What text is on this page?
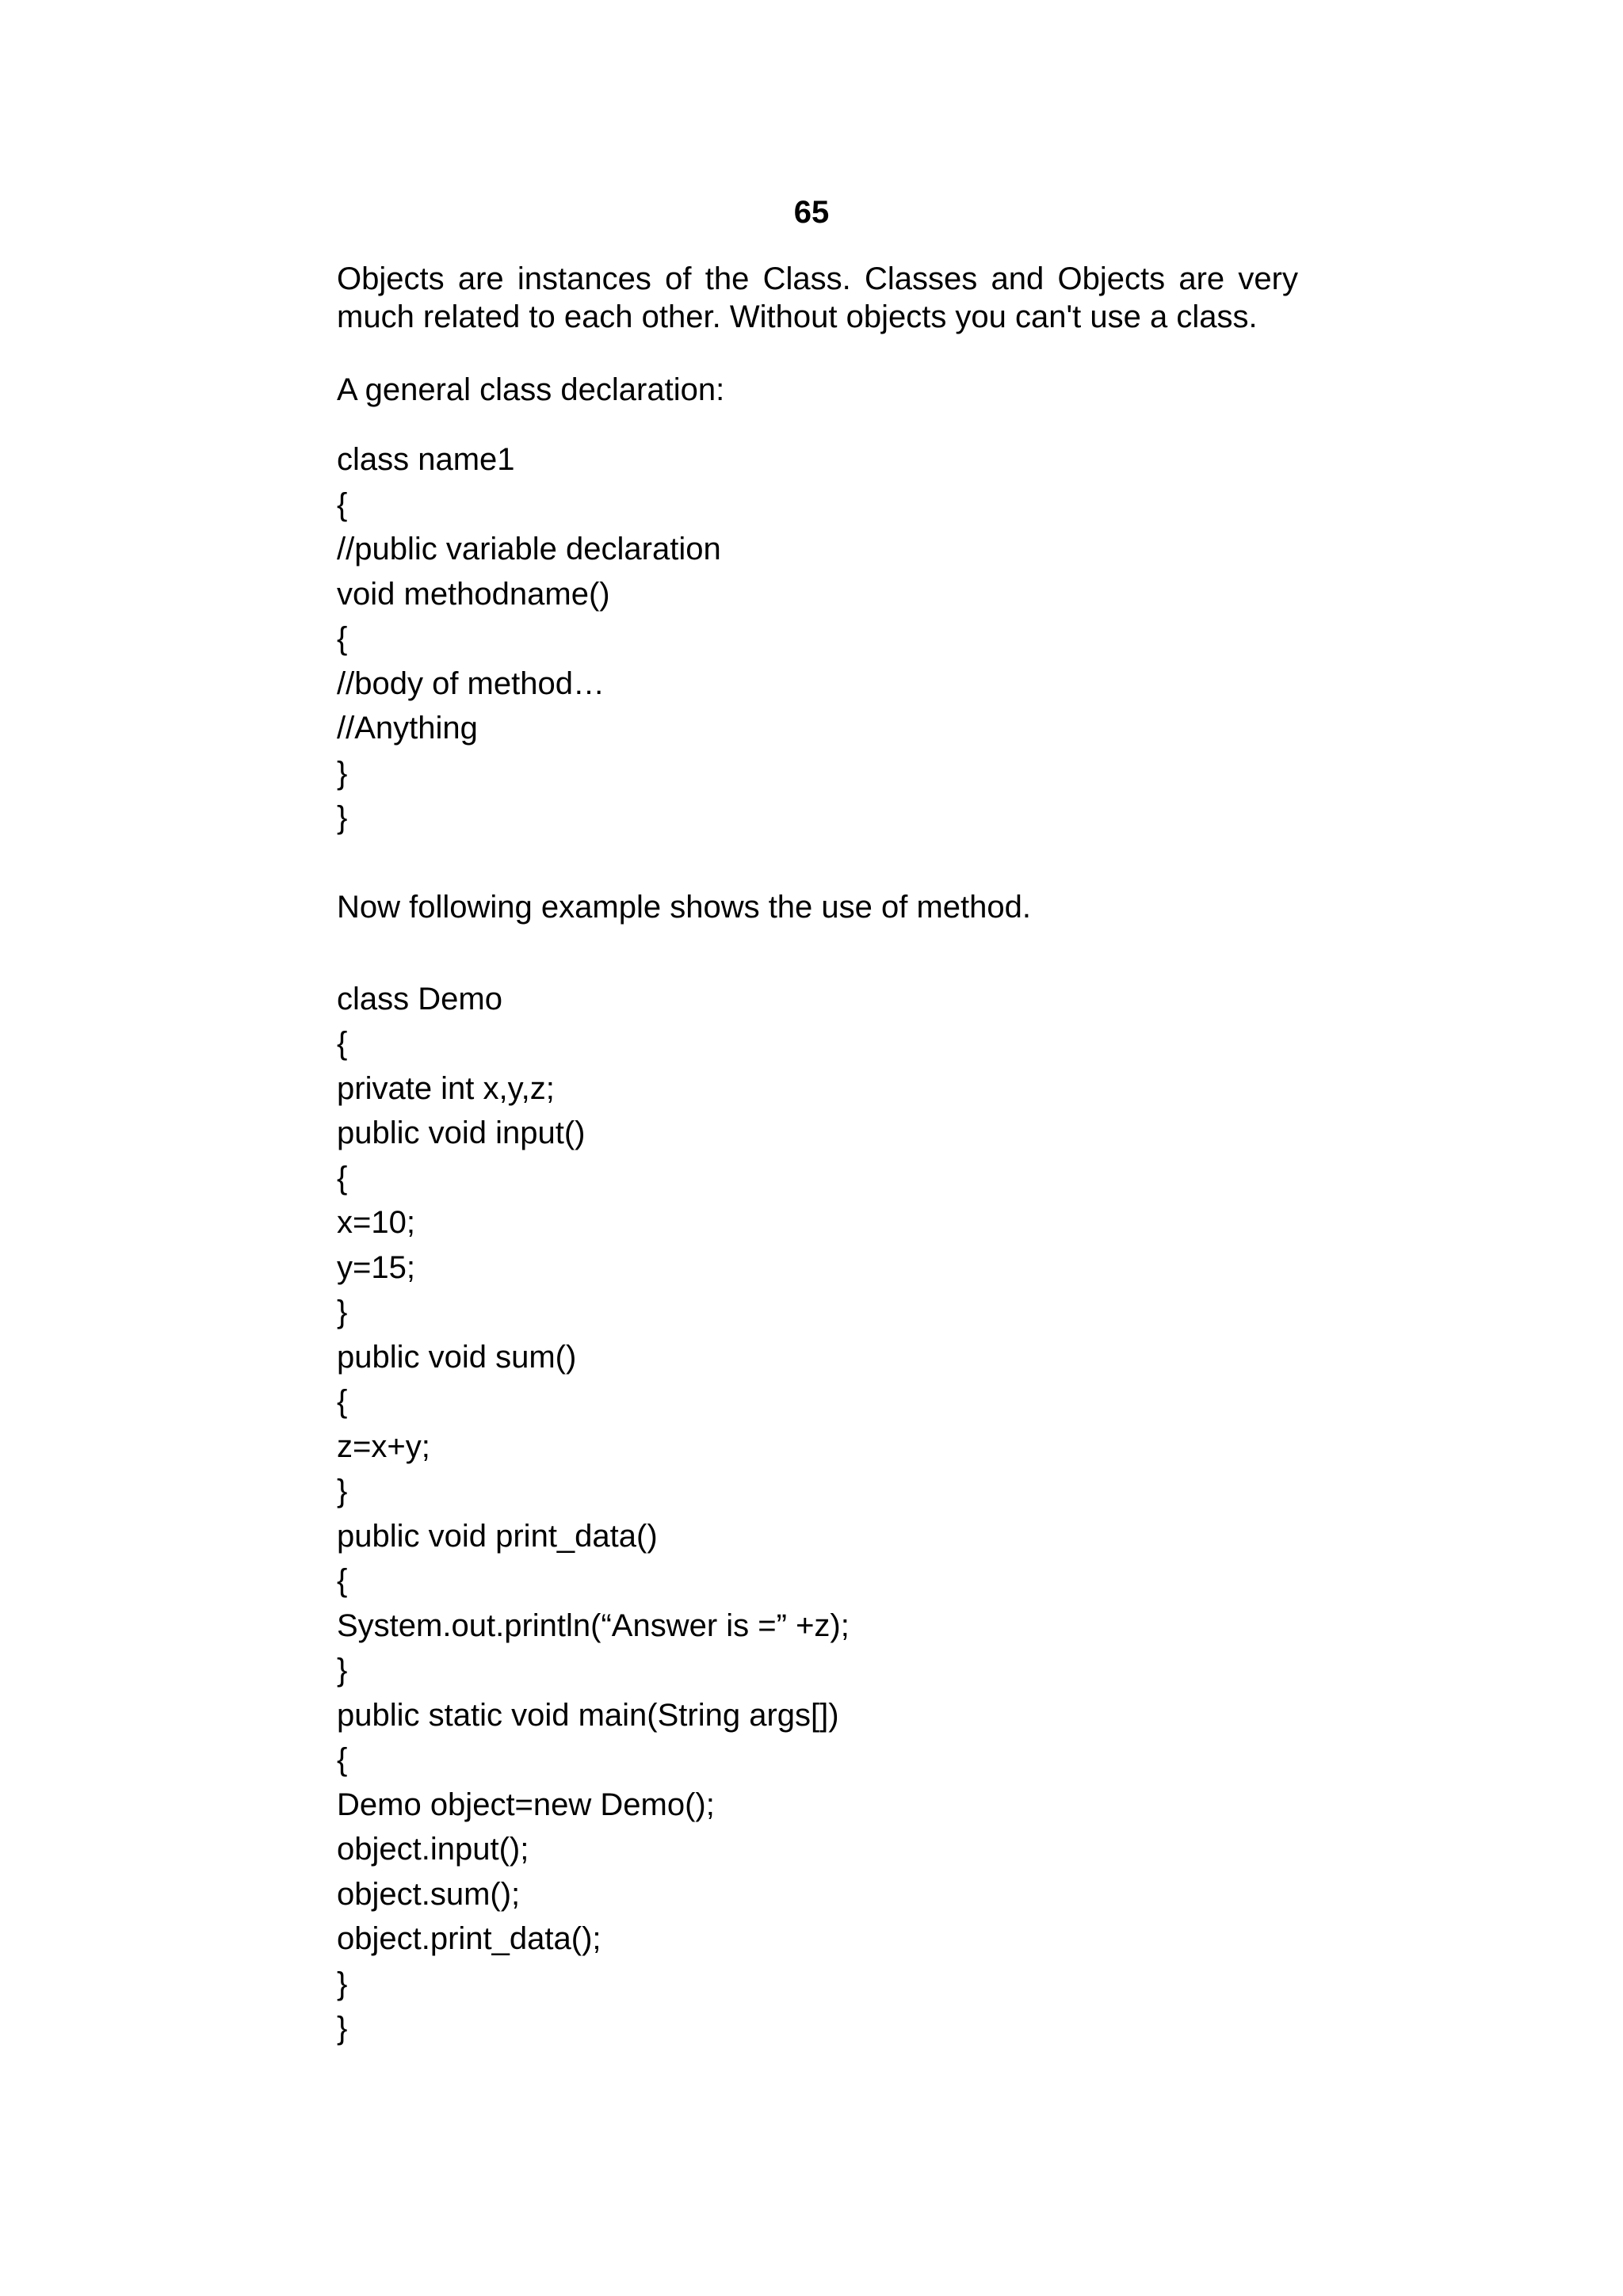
65

Objects are instances of the Class. Classes and Objects are very much related to each other. Without objects you can't use a class.

A general class declaration:
class name1
{
//public variable declaration
void methodname()
{
//body of method…
//Anything
}
}
Now following example shows the use of method.
class Demo
{
private int x,y,z;
public void input()
{
x=10;
y=15;
}
public void sum()
{
z=x+y;
}
public void print_data()
{
System.out.println(“Answer is =” +z);
}
public static void main(String args[])
{
Demo object=new Demo();
object.input();
object.sum();
object.print_data();
}
}
